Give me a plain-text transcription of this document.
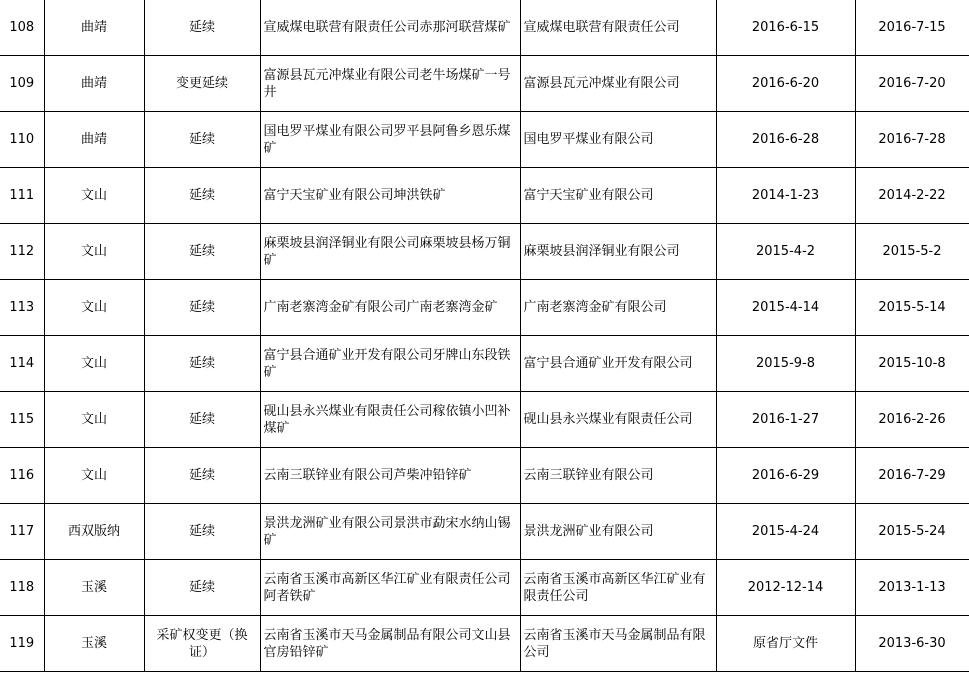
108	曲靖	延续	宣威煤电联营有限责任公司赤那河联营煤矿	宣威煤电联营有限责任公司	2016-6-15	2016-7-15
109	曲靖	变更延续	富源县瓦元冲煤业有限公司老牛场煤矿一号井	富源县瓦元冲煤业有限公司	2016-6-20	2016-7-20
110	曲靖	延续	国电罗平煤业有限公司罗平县阿鲁乡恩乐煤矿	国电罗平煤业有限公司	2016-6-28	2016-7-28
111	文山	延续	富宁天宝矿业有限公司坤洪铁矿	富宁天宝矿业有限公司	2014-1-23	2014-2-22
112	文山	延续	麻栗坡县润泽铜业有限公司麻栗坡县杨万铜矿	麻栗坡县润泽铜业有限公司	2015-4-2	2015-5-2
113	文山	延续	广南老寨湾金矿有限公司广南老寨湾金矿	广南老寨湾金矿有限公司	2015-4-14	2015-5-14
114	文山	延续	富宁县合通矿业开发有限公司牙牌山东段铁矿	富宁县合通矿业开发有限公司	2015-9-8	2015-10-8
115	文山	延续	砚山县永兴煤业有限责任公司稼依镇小凹补煤矿	砚山县永兴煤业有限责任公司	2016-1-27	2016-2-26
116	文山	延续	云南三联锌业有限公司芦柴冲铅锌矿	云南三联锌业有限公司	2016-6-29	2016-7-29
117	西双版纳	延续	景洪龙洲矿业有限公司景洪市勐宋水纳山锡矿	景洪龙洲矿业有限公司	2015-4-24	2015-5-24
118	玉溪	延续	云南省玉溪市高新区华江矿业有限责任公司阿者铁矿	云南省玉溪市高新区华江矿业有限责任公司	2012-12-14	2013-1-13
119	玉溪	采矿权变更（换证）	云南省玉溪市天马金属制品有限公司文山县官房铅锌矿	云南省玉溪市天马金属制品有限公司	原省厅文件	2013-6-30
